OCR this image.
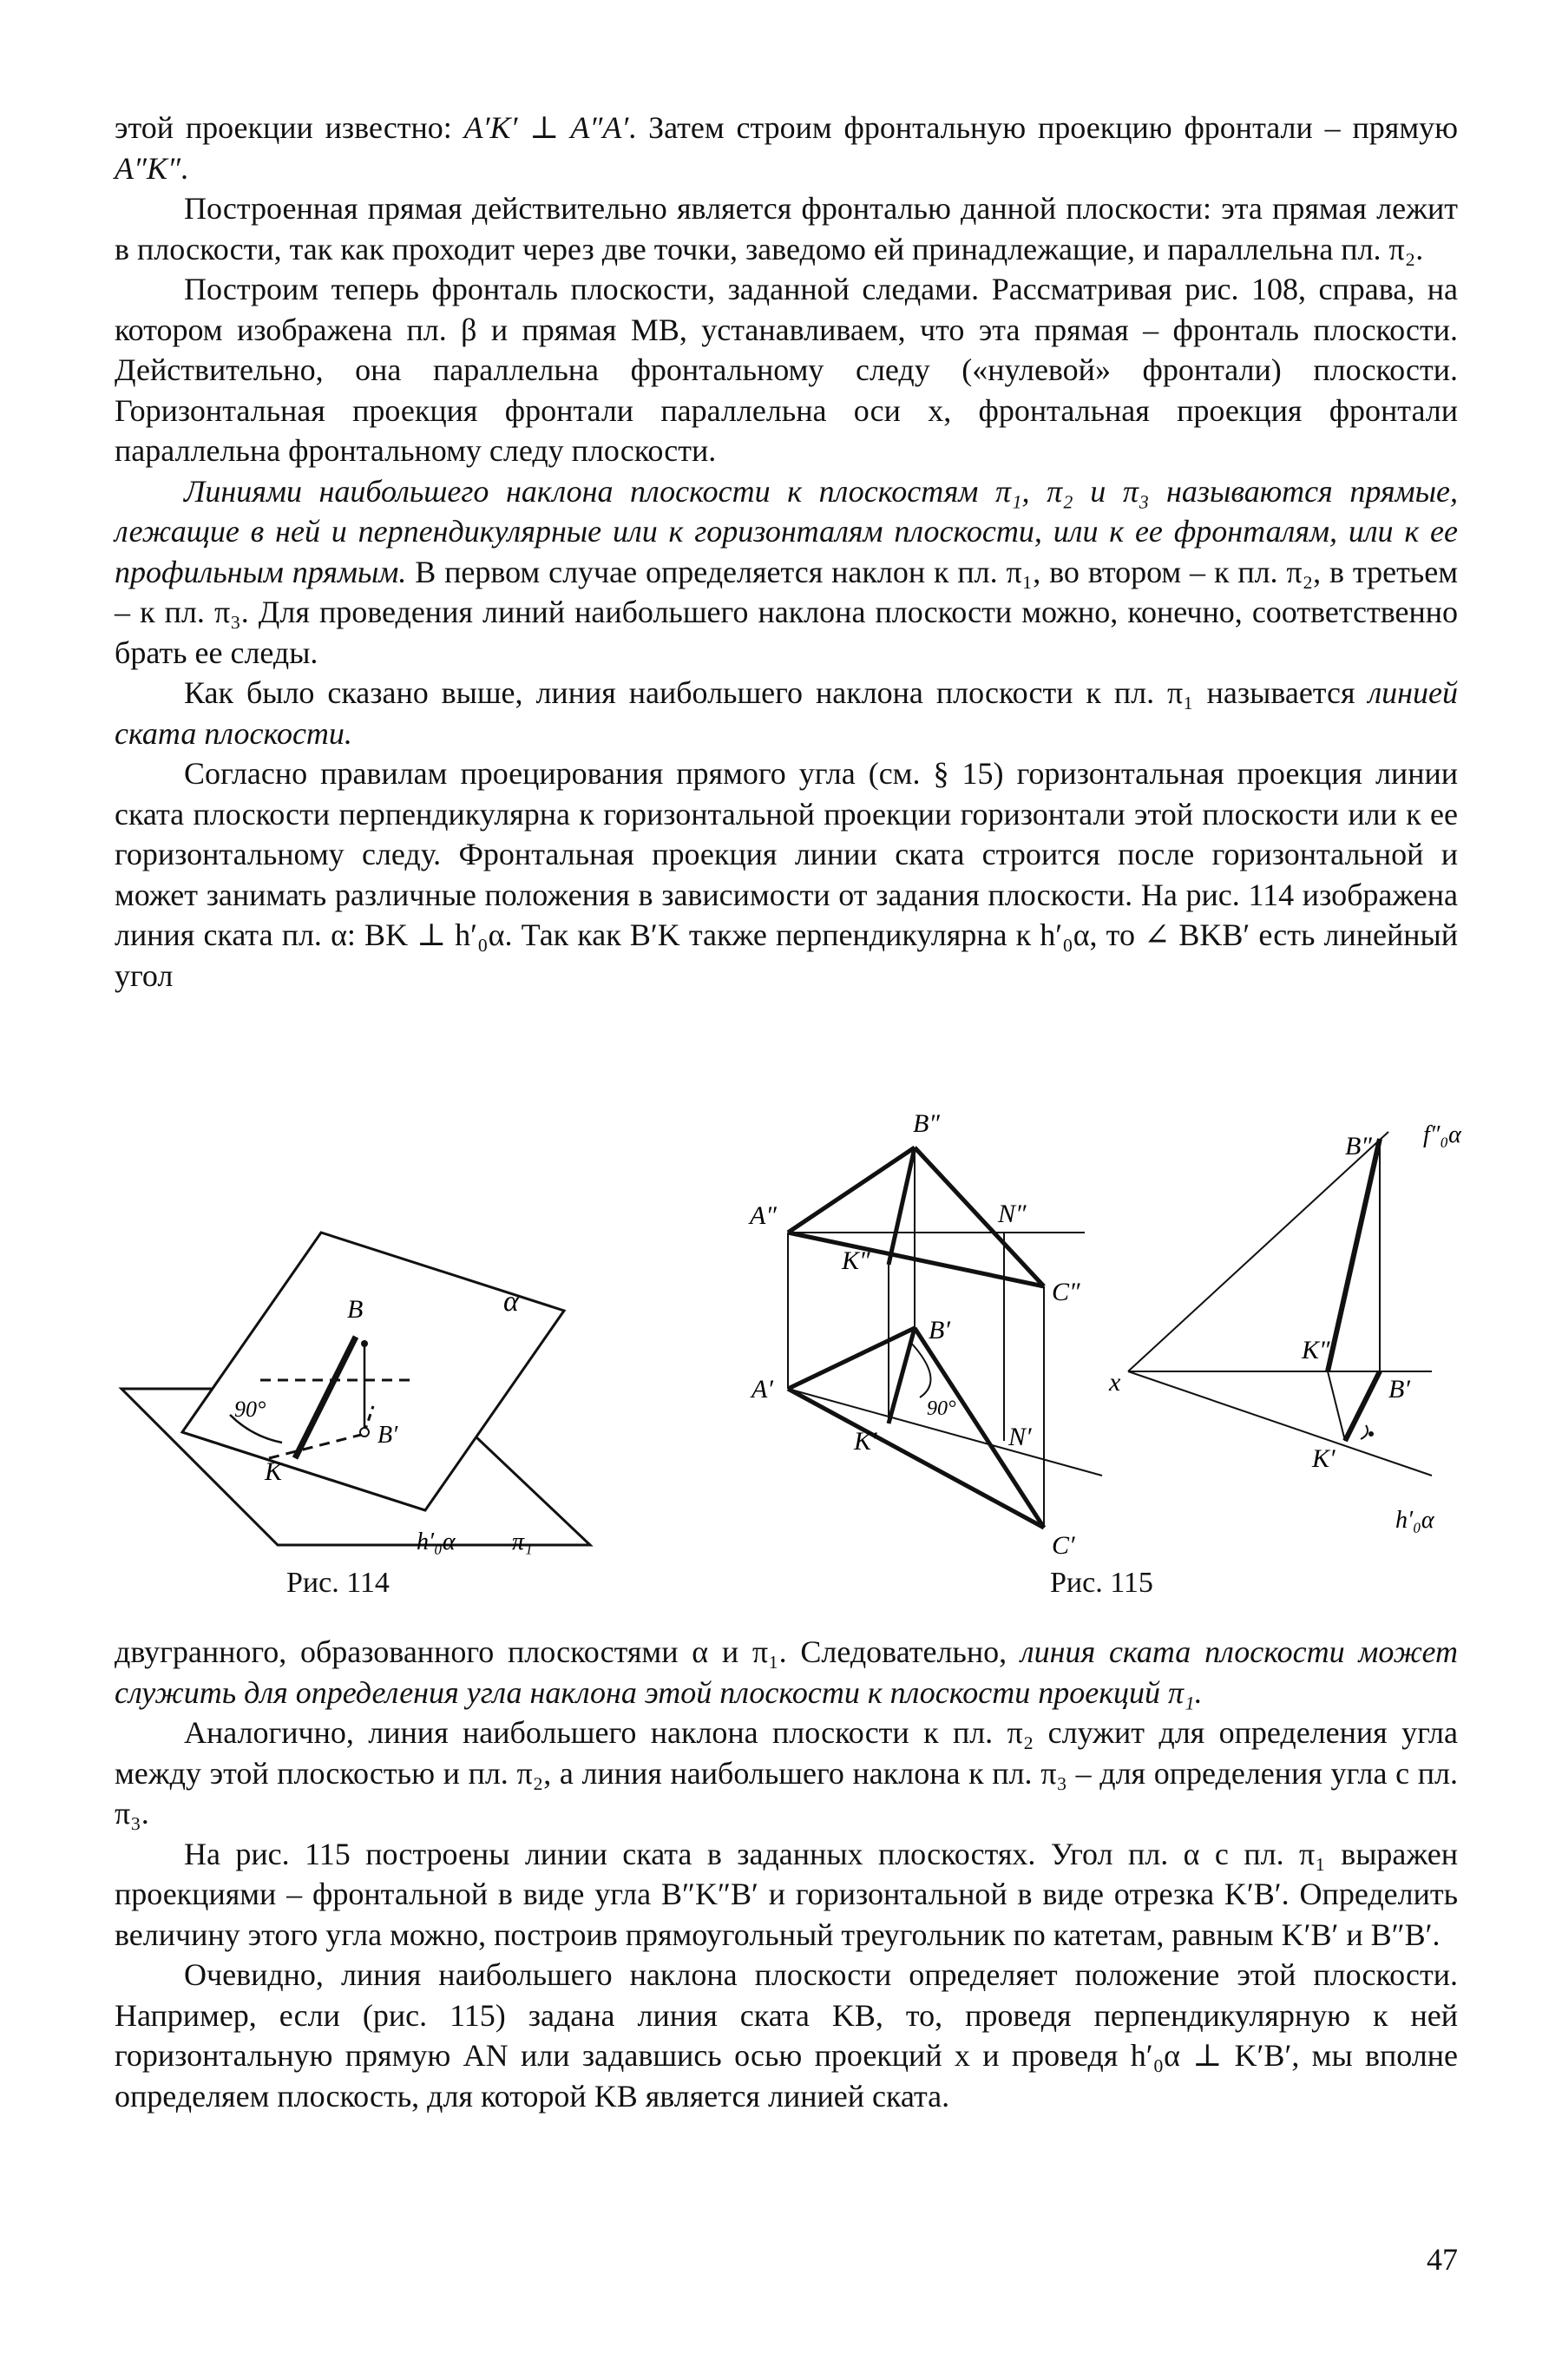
этой проекции известно: A′K′ ⊥ A″A′. Затем строим фронтальную проекцию фронтали – прямую A″K″.

Построенная прямая действительно является фронталью данной плоскости: эта прямая лежит в плоскости, так как проходит через две точки, заведомо ей принадлежащие, и параллельна пл. π₂.

Построим теперь фронталь плоскости, заданной следами. Рассматривая рис. 108, справа, на котором изображена пл. β и прямая MB, устанавливаем, что эта прямая – фронталь плоскости. Действительно, она параллельна фронтальному следу («нулевой» фронтали) плоскости. Горизонтальная проекция фронтали параллельна оси x, фронтальная проекция фронтали параллельна фронтальному следу плоскости.

Линиями наибольшего наклона плоскости к плоскостям π₁, π₂ и π₃ называются прямые, лежащие в ней и перпендикулярные или к горизонталям плоскости, или к ее фронталям, или к ее профильным прямым. В первом случае определяется наклон к пл. π₁, во втором – к пл. π₂, в третьем – к пл. π₃. Для проведения линий наибольшего наклона плоскости можно, конечно, соответственно брать ее следы.

Как было сказано выше, линия наибольшего наклона плоскости к пл. π₁ называется линией ската плоскости.

Согласно правилам проецирования прямого угла (см. § 15) горизонтальная проекция линии ската плоскости перпендикулярна к горизонтальной проекции горизонтали этой плоскости или к ее горизонтальному следу. Фронтальная проекция линии ската строится после горизонтальной и может занимать различные положения в зависимости от задания плоскости. На рис. 114 изображена линия ската пл. α: BK ⊥ h′₀α. Так как B′K также перпендикулярна к h′₀α, то ∠ BKB′ есть линейный угол

α
B
B′
K
90°
h′₀α π₁
Рис. 114
B″
A″	N″
K″
C″
A′
B′
K′	N′
C′
90°
B″ f″₀α
x
K″
B′
K′
h′₀α
Рис. 115

двугранного, образованного плоскостями α и π₁. Следовательно, линия ската плоскости может служить для определения угла наклона этой плоскости к плоскости проекций π₁.

Аналогично, линия наибольшего наклона плоскости к пл. π₂ служит для определения угла между этой плоскостью и пл. π₂, а линия наибольшего наклона к пл. π₃ – для определения угла с пл. π₃.

На рис. 115 построены линии ската в заданных плоскостях. Угол пл. α с пл. π₁ выражен проекциями – фронтальной в виде угла B″K″B′ и горизонтальной в виде отрезка K′B′. Определить величину этого угла можно, построив прямоугольный треугольник по катетам, равным K′B′ и B″B′.

Очевидно, линия наибольшего наклона плоскости определяет положение этой плоскости. Например, если (рис. 115) задана линия ската KB, то, проведя перпендикулярную к ней горизонтальную прямую AN или задавшись осью проекций x и проведя h′₀α ⊥ K′B′, мы вполне определяем плоскость, для которой KB является линией ската.

47
